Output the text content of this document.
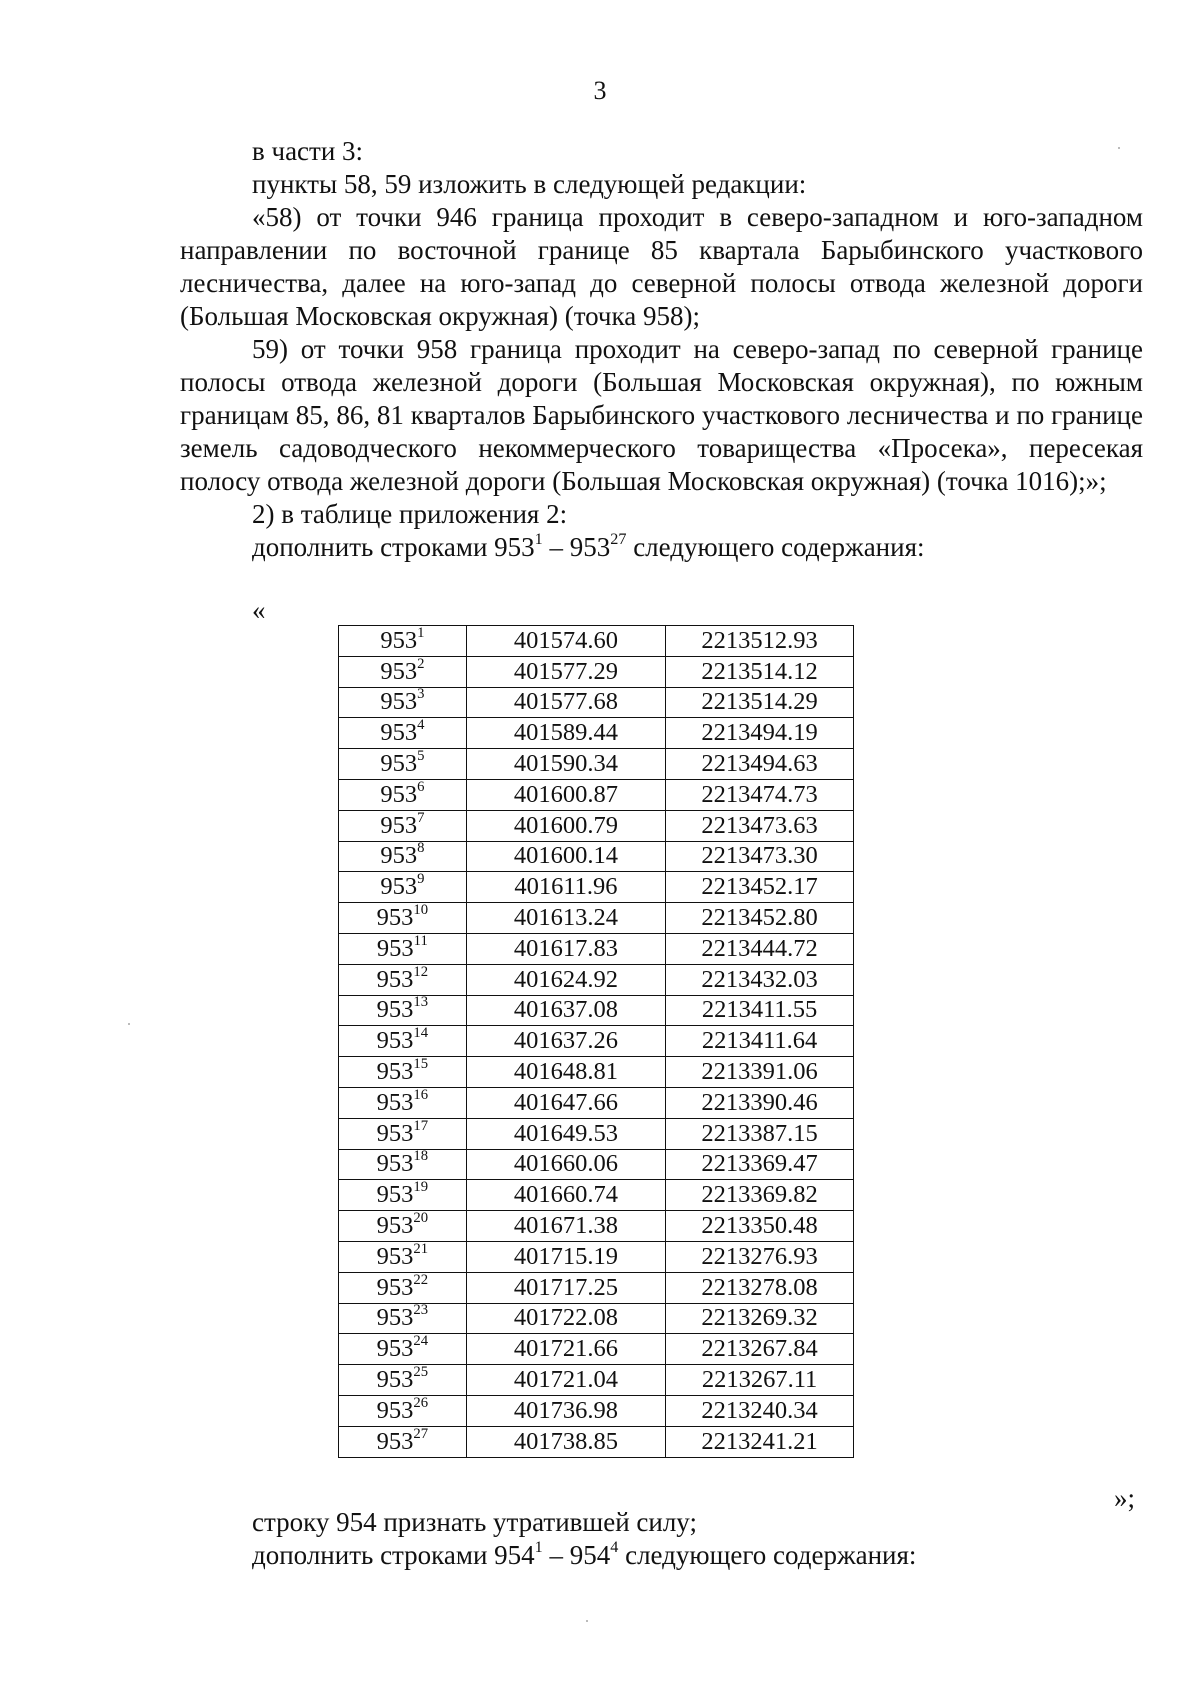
3

в части 3:

пункты 58, 59 изложить в следующей редакции:

«58) от точки 946 граница проходит в северо-западном и юго-западном направлении по восточной границе 85 квартала Барыбинского участкового лесничества, далее на юго-запад до северной полосы отвода железной дороги (Большая Московская окружная) (точка 958);

59) от точки 958 граница проходит на северо-запад по северной границе полосы отвода железной дороги (Большая Московская окружная), по южным границам 85, 86, 81 кварталов Барыбинского участкового лесничества и по границе земель садоводческого некоммерческого товарищества «Просека», пересекая полосу отвода железной дороги (Большая Московская окружная) (точка 1016);»;

2) в таблице приложения 2:

дополнить строками $953^1 - 953^{27}$ следующего содержания:

«
$953^1$	401574.60	2213512.93
$953^2$	401577.29	2213514.12
$953^3$	401577.68	2213514.29
$953^4$	401589.44	2213494.19
$953^5$	401590.34	2213494.63
$953^6$	401600.87	2213474.73
$953^7$	401600.79	2213473.63
$953^8$	401600.14	2213473.30
$953^9$	401611.96	2213452.17
$953^{10}$	401613.24	2213452.80
$953^{11}$	401617.83	2213444.72
$953^{12}$	401624.92	2213432.03
$953^{13}$	401637.08	2213411.55
$953^{14}$	401637.26	2213411.64
$953^{15}$	401648.81	2213391.06
$953^{16}$	401647.66	2213390.46
$953^{17}$	401649.53	2213387.15
$953^{18}$	401660.06	2213369.47
$953^{19}$	401660.74	2213369.82
$953^{20}$	401671.38	2213350.48
$953^{21}$	401715.19	2213276.93
$953^{22}$	401717.25	2213278.08
$953^{23}$	401722.08	2213269.32
$953^{24}$	401721.66	2213267.84
$953^{25}$	401721.04	2213267.11
$953^{26}$	401736.98	2213240.34
$953^{27}$	401738.85	2213241.21
»;

строку 954 признать утратившей силу;

дополнить строками $954^1 - 954^4$ следующего содержания:
